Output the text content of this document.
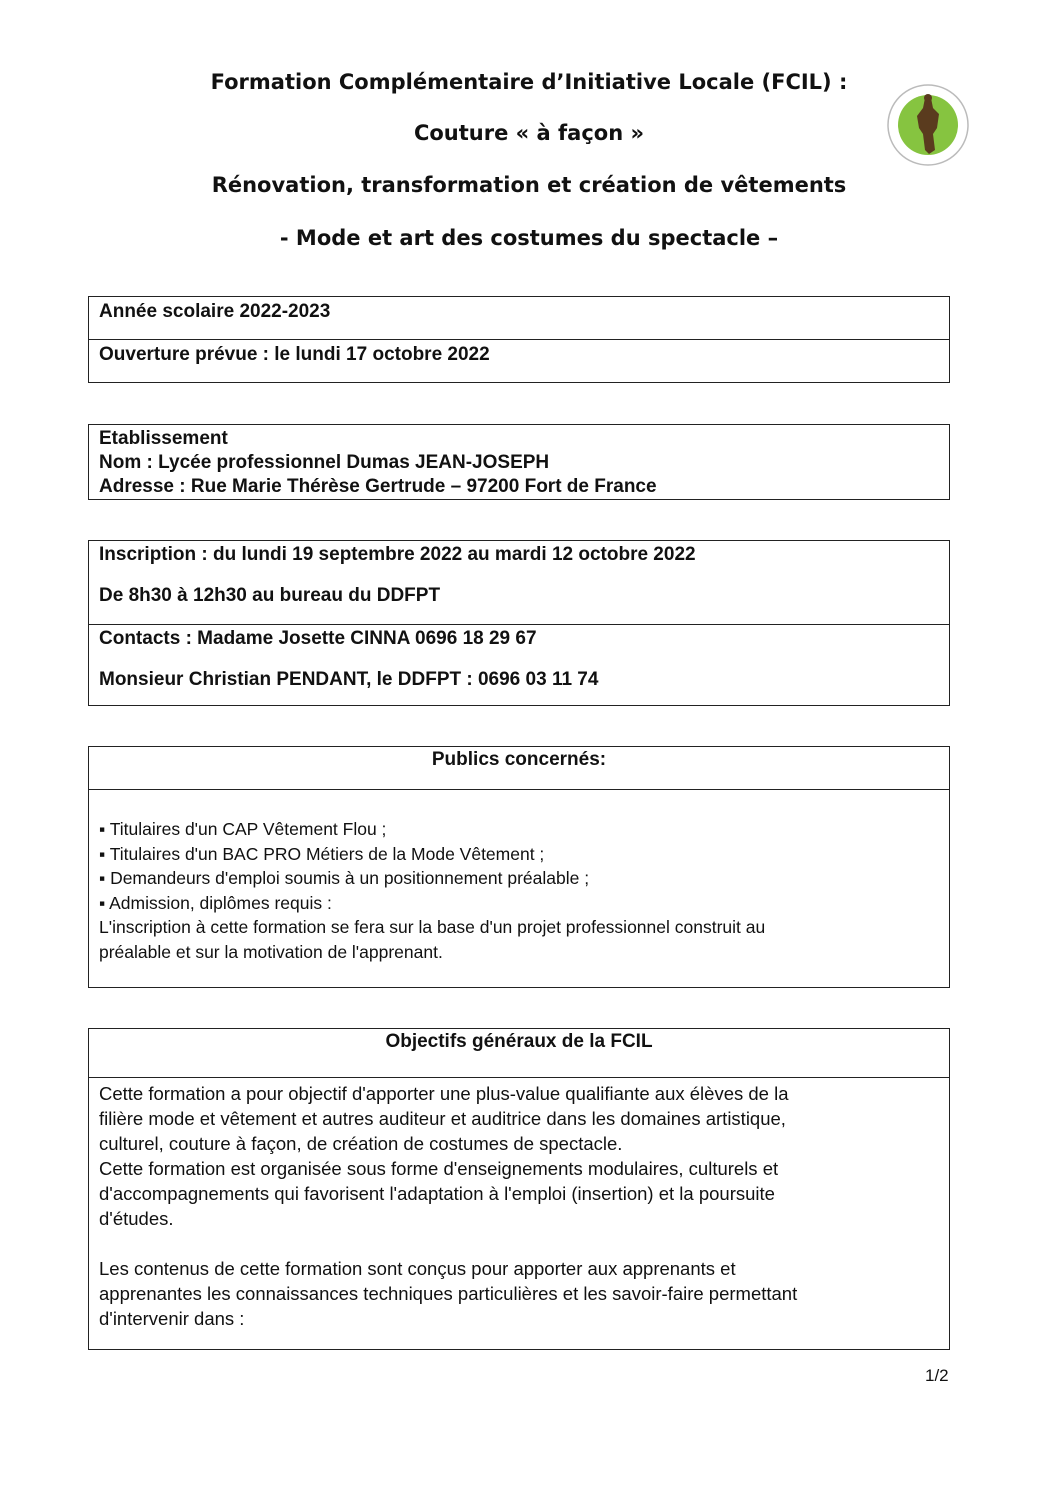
Formation Complémentaire d’Initiative Locale (FCIL) :
Couture « à façon »
Rénovation, transformation et création de vêtements
- Mode et art des costumes du spectacle –
Année scolaire 2022-2023
Ouverture prévue : le lundi 17 octobre 2022
Etablissement
Nom : Lycée professionnel Dumas JEAN-JOSEPH
Adresse : Rue Marie Thérèse Gertrude – 97200 Fort de France
Inscription : du lundi 19 septembre 2022 au mardi 12 octobre 2022
De 8h30 à 12h30 au bureau du DDFPT
Contacts : Madame Josette CINNA 0696 18 29 67
Monsieur Christian PENDANT, le DDFPT : 0696 03 11 74
Publics concernés:
▪ Titulaires d'un CAP Vêtement Flou ;
▪ Titulaires d'un BAC PRO Métiers de la Mode Vêtement ;
▪ Demandeurs d'emploi soumis à un positionnement préalable ;
▪ Admission, diplômes requis :
L'inscription à cette formation se fera sur la base d'un projet professionnel construit au
préalable et sur la motivation de l'apprenant.
Objectifs généraux de la FCIL
Cette formation a pour objectif d'apporter une plus-value qualifiante aux élèves de la
filière mode et vêtement et autres auditeur et auditrice dans les domaines artistique,
culturel, couture à façon, de création de costumes de spectacle.
Cette formation est organisée sous forme d'enseignements modulaires, culturels et
d'accompagnements qui favorisent l'adaptation à l'emploi (insertion) et la poursuite
d'études.
Les contenus de cette formation sont conçus pour apporter aux apprenants et
apprenantes les connaissances techniques particulières et les savoir-faire permettant
d'intervenir dans :
1/2
